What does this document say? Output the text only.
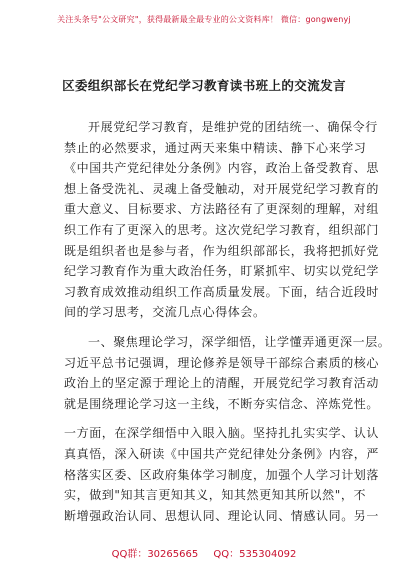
关注头条号"公文研究"，获得最新最全最专业的公文资料库！ 微信：gongwenyj
区委组织部长在党纪学习教育读书班上的交流发言
开展党纪学习教育，是维护党的团结统一、确保令行
禁止的必然要求，通过两天来集中精读、静下心来学习
《中国共产党纪律处分条例》内容，政治上备受教育、思
想上备受洗礼、灵魂上备受触动，对开展党纪学习教育的
重大意义、目标要求、方法路径有了更深刻的理解，对组
织工作有了更深入的思考。这次党纪学习教育，组织部门
既是组织者也是参与者，作为组织部部长，我将把抓好党
纪学习教育作为重大政治任务，盯紧抓牢、切实以党纪学
习教育成效推动组织工作高质量发展。下面，结合近段时
间的学习思考，交流几点心得体会。
一、聚焦理论学习，深学细悟，让学懂弄通更深一层。
习近平总书记强调，理论修养是领导干部综合素质的核心
政治上的坚定源于理论上的清醒，开展党纪学习教育活动
就是围绕理论学习这一主线，不断夯实信念、淬炼党性。
一方面，在深学细悟中入眼入脑。坚持扎扎实实学、认认
真真悟，深入研读《中国共产党纪律处分条例》内容，严
格落实区委、区政府集体学习制度，加强个人学习计划落
实，做到"知其言更知其义，知其然更知其所以然"，不
断增强政治认同、思想认同、理论认同、情感认同。另一
QQ群：30265665 QQ：535304092
